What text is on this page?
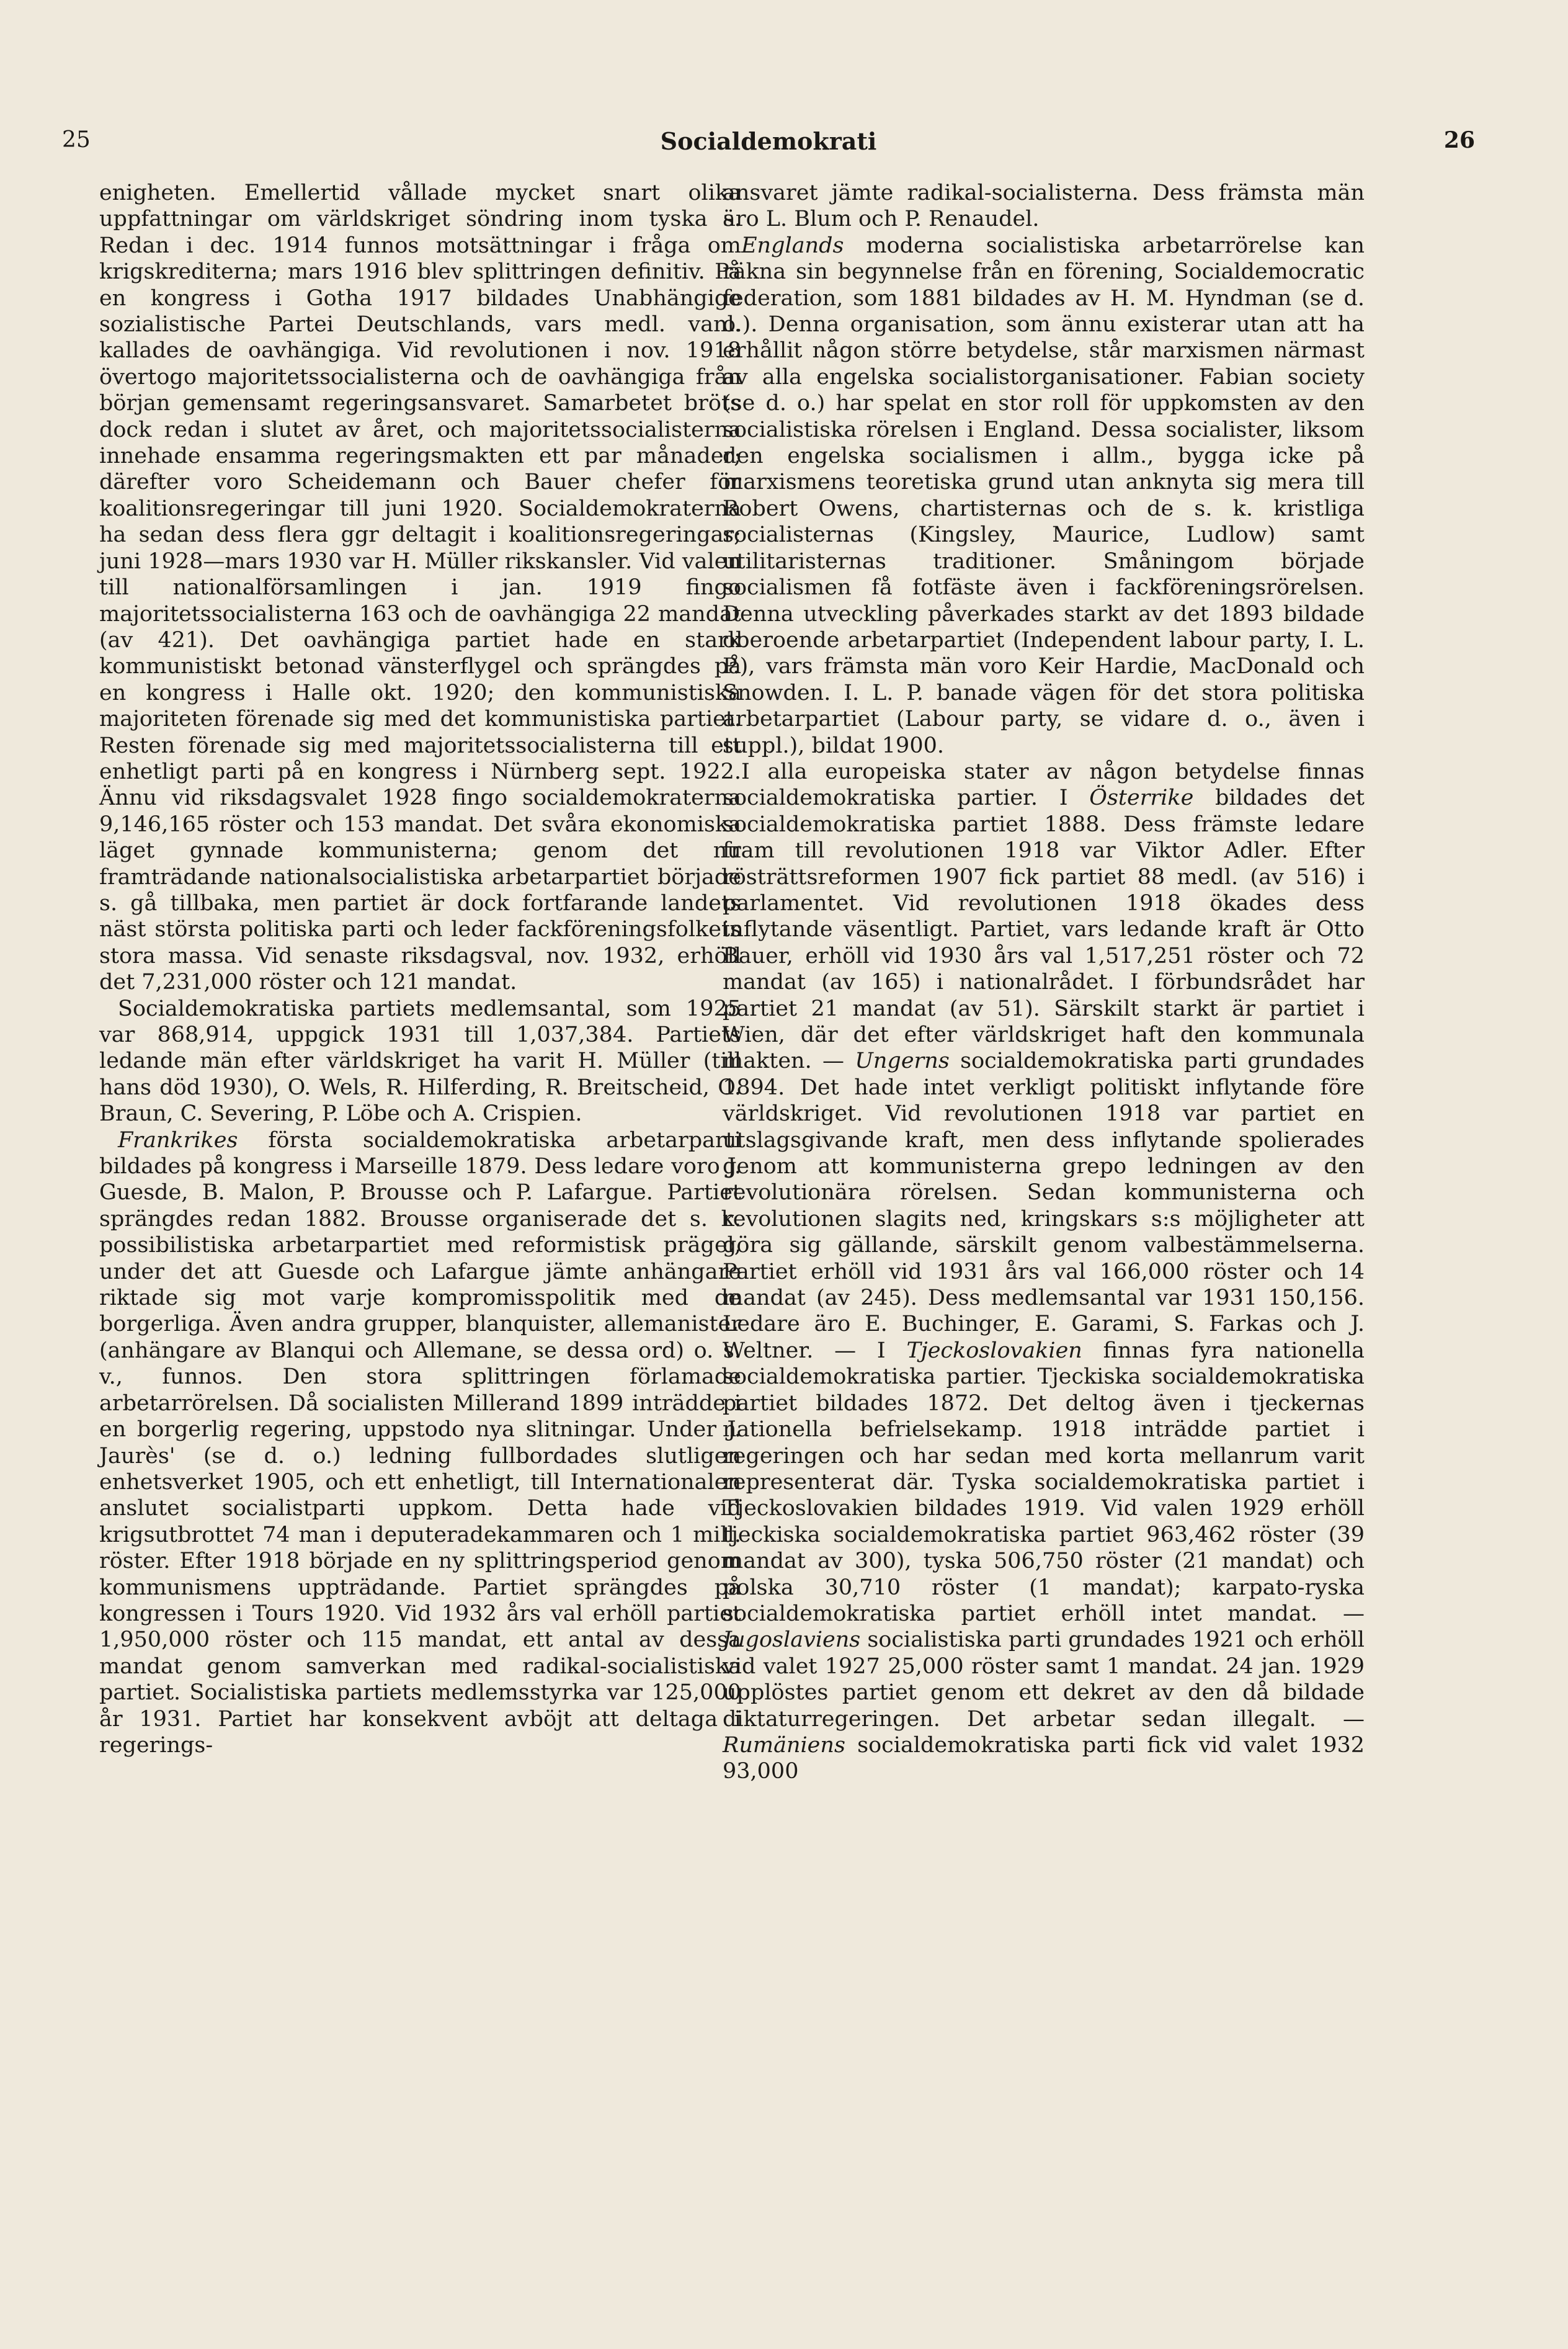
25	Socialdemokrati	26

enigheten. Emellertid vållade mycket snart olika uppfattningar om världskriget söndring inom tyska s. Redan i dec. 1914 funnos motsättningar i fråga om krigskrediterna; mars 1916 blev splittringen definitiv. På en kongress i Gotha 1917 bildades Unabhängige sozialistische Partei Deutschlands, vars medl. vanl. kallades de oavhängiga. Vid revolutionen i nov. 1918 övertogo majoritetssocialisterna och de oavhängiga från början gemensamt regeringsansvaret. Samarbetet bröts dock redan i slutet av året, och majoritetssocialisterna innehade ensamma regeringsmakten ett par månader; därefter voro Scheidemann och Bauer chefer för koalitionsregeringar till juni 1920. Socialdemokraterna ha sedan dess flera ggr deltagit i koalitionsregeringar; juni 1928—mars 1930 var H. Müller rikskansler. Vid valen till nationalförsamlingen i jan. 1919 fingo majoritetssocialisterna 163 och de oavhängiga 22 mandat (av 421). Det oavhängiga partiet hade en stark kommunistiskt betonad vänsterflygel och sprängdes på en kongress i Halle okt. 1920; den kommunistiska majoriteten förenade sig med det kommunistiska partiet. Resten förenade sig med majoritetssocialisterna till ett enhetligt parti på en kongress i Nürnberg sept. 1922. Ännu vid riksdagsvalet 1928 fingo socialdemokraterna 9,146,165 röster och 153 mandat. Det svåra ekonomiska läget gynnade kommunisterna; genom det nu framträdande nationalsocialistiska arbetarpartiet började s. gå tillbaka, men partiet är dock fortfarande landets näst största politiska parti och leder fackföreningsfolkets stora massa. Vid senaste riksdagsval, nov. 1932, erhöll det 7,231,000 röster och 121 mandat.

Socialdemokratiska partiets medlemsantal, som 1925 var 868,914, uppgick 1931 till 1,037,384. Partiets ledande män efter världskriget ha varit H. Müller (till hans död 1930), O. Wels, R. Hilferding, R. Breitscheid, O. Braun, C. Severing, P. Löbe och A. Crispien.

Frankrikes första socialdemokratiska arbetarparti bildades på kongress i Marseille 1879. Dess ledare voro J. Guesde, B. Malon, P. Brousse och P. Lafargue. Partiet sprängdes redan 1882. Brousse organiserade det s. k. possibilistiska arbetarpartiet med reformistisk prägel, under det att Guesde och Lafargue jämte anhängare riktade sig mot varje kompromisspolitik med de borgerliga. Även andra grupper, blanquister, allemanister (anhängare av Blanqui och Allemane, se dessa ord) o. s. v., funnos. Den stora splittringen förlamade arbetarrörelsen. Då socialisten Millerand 1899 inträdde i en borgerlig regering, uppstodo nya slitningar. Under J. Jaurès' (se d. o.) ledning fullbordades slutligen enhetsverket 1905, och ett enhetligt, till Internationalen anslutet socialistparti uppkom. Detta hade vid krigsutbrottet 74 man i deputeradekammaren och 1 mill. röster. Efter 1918 började en ny splittringsperiod genom kommunismens uppträdande. Partiet sprängdes på kongressen i Tours 1920. Vid 1932 års val erhöll partiet 1,950,000 röster och 115 mandat, ett antal av dessa mandat genom samverkan med radikal-socialistiska partiet. Socialistiska partiets medlemsstyrka var 125,000 år 1931. Partiet har konsekvent avböjt att deltaga i regerings-

ansvaret jämte radikal-socialisterna. Dess främsta män äro L. Blum och P. Renaudel.

Englands moderna socialistiska arbetarrörelse kan räkna sin begynnelse från en förening, Socialdemocratic federation, som 1881 bildades av H. M. Hyndman (se d. o.). Denna organisation, som ännu existerar utan att ha erhållit någon större betydelse, står marxismen närmast av alla engelska socialistorganisationer. Fabian society (se d. o.) har spelat en stor roll för uppkomsten av den socialistiska rörelsen i England. Dessa socialister, liksom den engelska socialismen i allm., bygga icke på marxismens teoretiska grund utan anknyta sig mera till Robert Owens, chartisternas och de s. k. kristliga socialisternas (Kingsley, Maurice, Ludlow) samt utilitaristernas traditioner. Småningom började socialismen få fotfäste även i fackföreningsrörelsen. Denna utveckling påverkades starkt av det 1893 bildade oberoende arbetarpartiet (Independent labour party, I. L. P.), vars främsta män voro Keir Hardie, MacDonald och Snowden. I. L. P. banade vägen för det stora politiska arbetarpartiet (Labour party, se vidare d. o., även i suppl.), bildat 1900.

I alla europeiska stater av någon betydelse finnas socialdemokratiska partier. I Österrike bildades det socialdemokratiska partiet 1888. Dess främste ledare fram till revolutionen 1918 var Viktor Adler. Efter rösträttsreformen 1907 fick partiet 88 medl. (av 516) i parlamentet. Vid revolutionen 1918 ökades dess inflytande väsentligt. Partiet, vars ledande kraft är Otto Bauer, erhöll vid 1930 års val 1,517,251 röster och 72 mandat (av 165) i nationalrådet. I förbundsrådet har partiet 21 mandat (av 51). Särskilt starkt är partiet i Wien, där det efter världskriget haft den kommunala makten. — Ungerns socialdemokratiska parti grundades 1894. Det hade intet verkligt politiskt inflytande före världskriget. Vid revolutionen 1918 var partiet en utslagsgivande kraft, men dess inflytande spolierades genom att kommunisterna grepo ledningen av den revolutionära rörelsen. Sedan kommunisterna och revolutionen slagits ned, kringskars s:s möjligheter att göra sig gällande, särskilt genom valbestämmelserna. Partiet erhöll vid 1931 års val 166,000 röster och 14 mandat (av 245). Dess medlemsantal var 1931 150,156. Ledare äro E. Buchinger, E. Garami, S. Farkas och J. Weltner. — I Tjeckoslovakien finnas fyra nationella socialdemokratiska partier. Tjeckiska socialdemokratiska partiet bildades 1872. Det deltog även i tjeckernas nationella befrielsekamp. 1918 inträdde partiet i regeringen och har sedan med korta mellanrum varit representerat där. Tyska socialdemokratiska partiet i Tjeckoslovakien bildades 1919. Vid valen 1929 erhöll tjeckiska socialdemokratiska partiet 963,462 röster (39 mandat av 300), tyska 506,750 röster (21 mandat) och polska 30,710 röster (1 mandat); karpato-ryska socialdemokratiska partiet erhöll intet mandat. — Jugoslaviens socialistiska parti grundades 1921 och erhöll vid valet 1927 25,000 röster samt 1 mandat. 24 jan. 1929 upplöstes partiet genom ett dekret av den då bildade diktaturregeringen. Det arbetar sedan illegalt. — Rumäniens socialdemokratiska parti fick vid valet 1932 93,000
